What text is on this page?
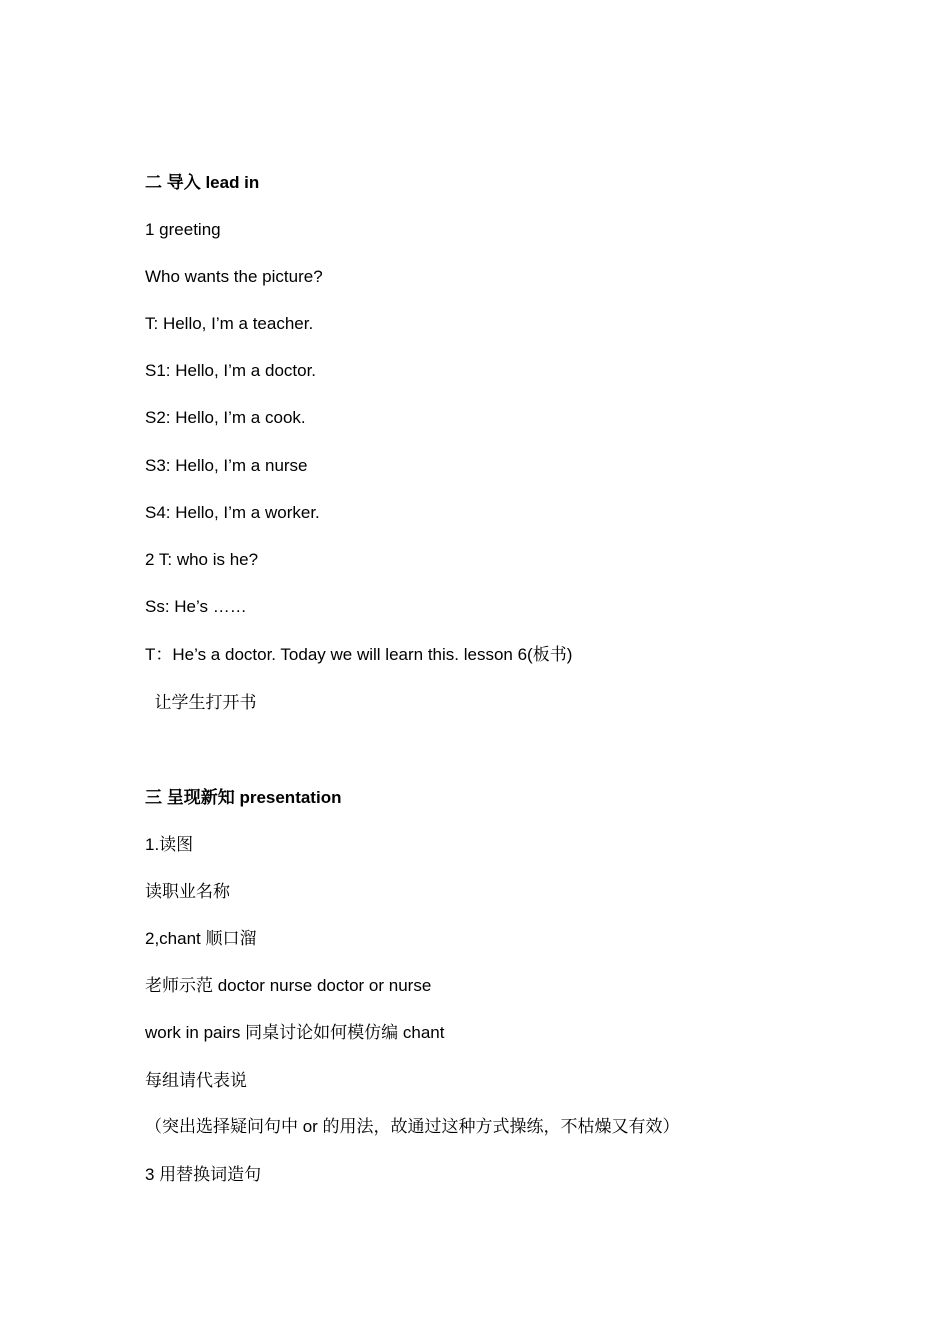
二 导入 lead in
1 greeting
Who wants the picture?
T: Hello, I’m a teacher.
S1: Hello, I’m a doctor.
S2: Hello, I’m a cook.
S3: Hello, I’m a nurse
S4: Hello, I’m a worker.
2 T: who is he?
Ss: He’s ……
T：He’s a doctor. Today we will learn this. lesson 6(板书)
让学生打开书
三 呈现新知 presentation
1.读图
读职业名称
2,chant 顺口溜
老师示范 doctor nurse doctor or nurse
work in pairs 同桌讨论如何模仿编 chant
每组请代表说
（突出选择疑问句中 or 的用法，故通过这种方式操练，不枯燥又有效）
3 用替换词造句
